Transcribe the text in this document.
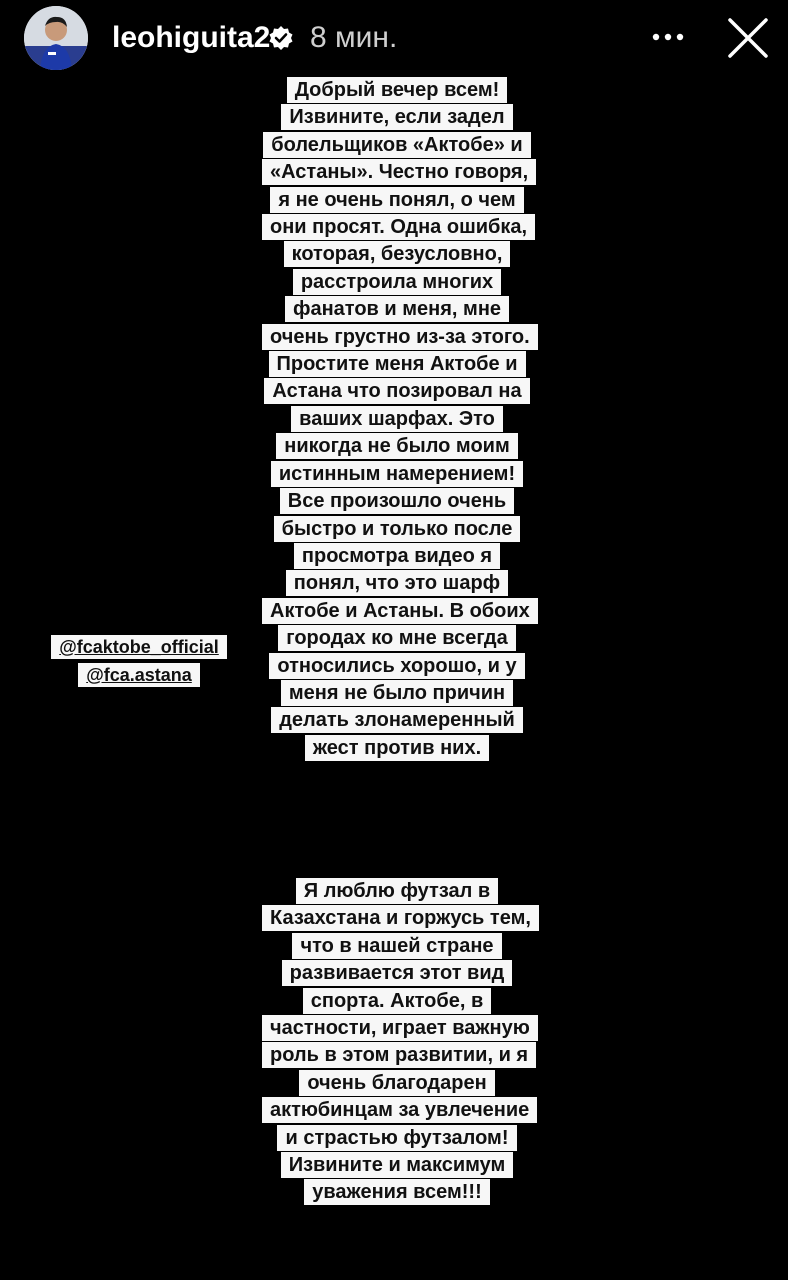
leohiguita2 8 мин.

Добрый вечер всем! Извините, если задел болельщиков «Актобе» и «Астаны». Честно говоря, я не очень понял, о чем они просят. Одна ошибка, которая, безусловно, расстроила многих фанатов и меня, мне очень грустно из-за этого. Простите меня Актобе и Астана что позировал на ваших шарфах. Это никогда не было моим истинным намерением! Все произошло очень быстро и только после просмотра видео я понял, что это шарф Актобе и Астаны. В обоих городах ко мне всегда относились хорошо, и у меня не было причин делать злонамеренный жест против них.

@fcaktobe_official
@fca.astana

Я люблю футзал в Казахстана и горжусь тем, что в нашей стране развивается этот вид спорта. Актобе, в частности, играет важную роль в этом развитии, и я очень благодарен актюбинцам за увлечение и страстью футзалом! Извините и максимум уважения всем!!!
